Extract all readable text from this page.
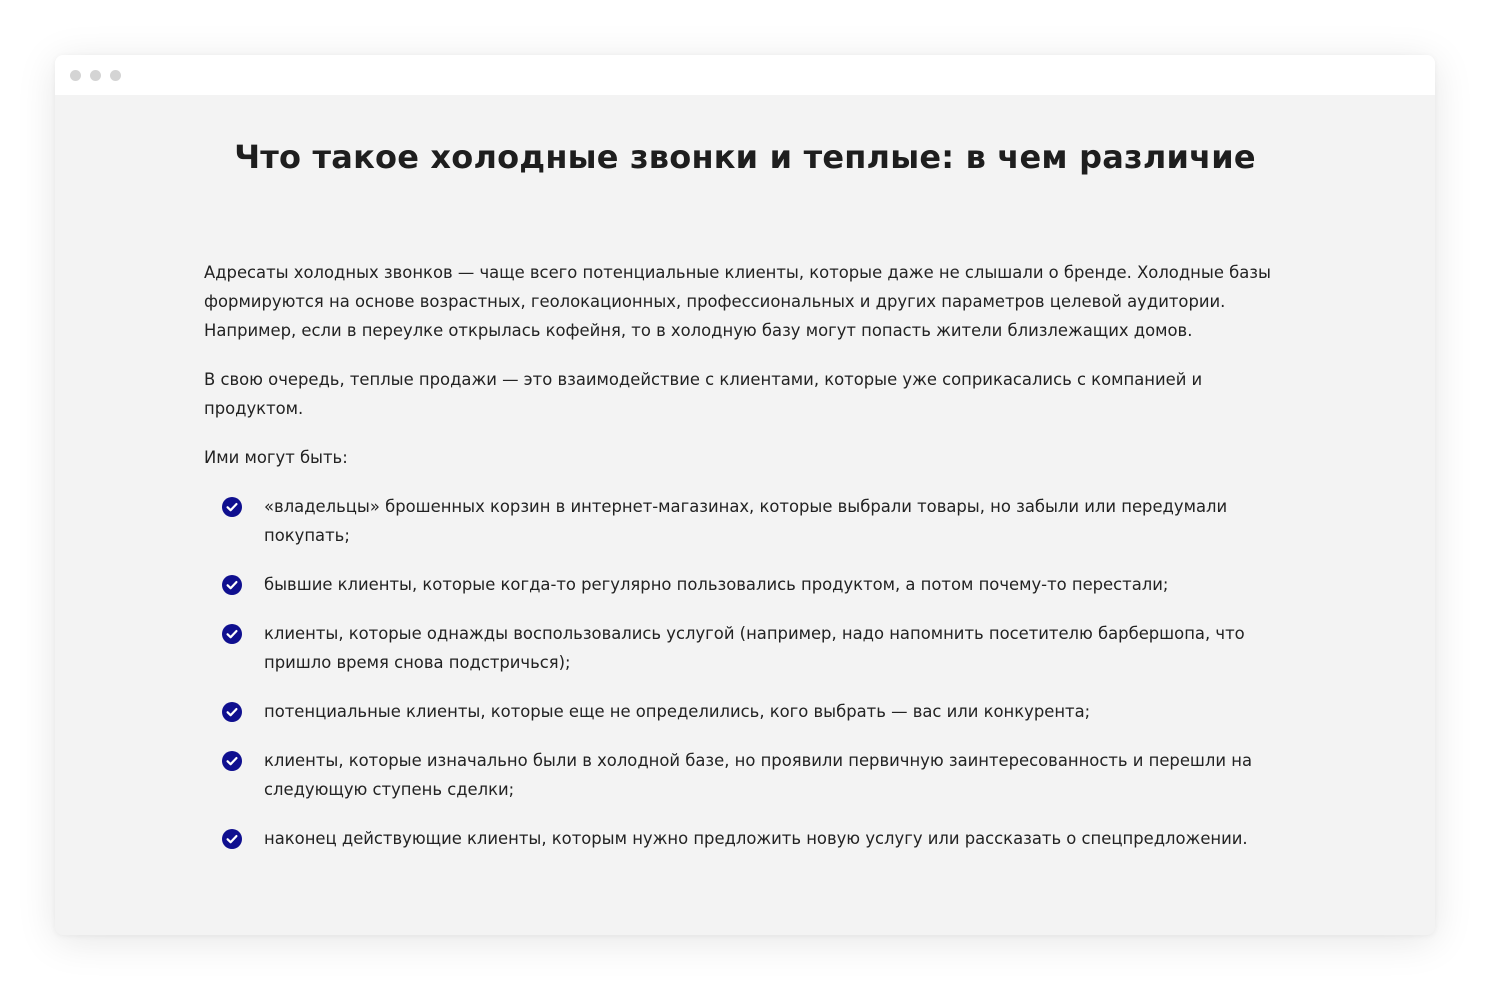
Что такое холодные звонки и теплые: в чем различие

Адресаты холодных звонков — чаще всего потенциальные клиенты, которые даже не слышали о бренде. Холодные базы формируются на основе возрастных, геолокационных, профессиональных и других параметров целевой аудитории. Например, если в переулке открылась кофейня, то в холодную базу могут попасть жители близлежащих домов.

В свою очередь, теплые продажи — это взаимодействие с клиентами, которые уже соприкасались с компанией и продуктом.

Ими могут быть:

«владельцы» брошенных корзин в интернет-магазинах, которые выбрали товары, но забыли или передумали покупать;
бывшие клиенты, которые когда-то регулярно пользовались продуктом, а потом почему-то перестали;
клиенты, которые однажды воспользовались услугой (например, надо напомнить посетителю барбершопа, что пришло время снова подстричься);
потенциальные клиенты, которые еще не определились, кого выбрать — вас или конкурента;
клиенты, которые изначально были в холодной базе, но проявили первичную заинтересованность и перешли на следующую ступень сделки;
наконец действующие клиенты, которым нужно предложить новую услугу или рассказать о спецпредложении.
